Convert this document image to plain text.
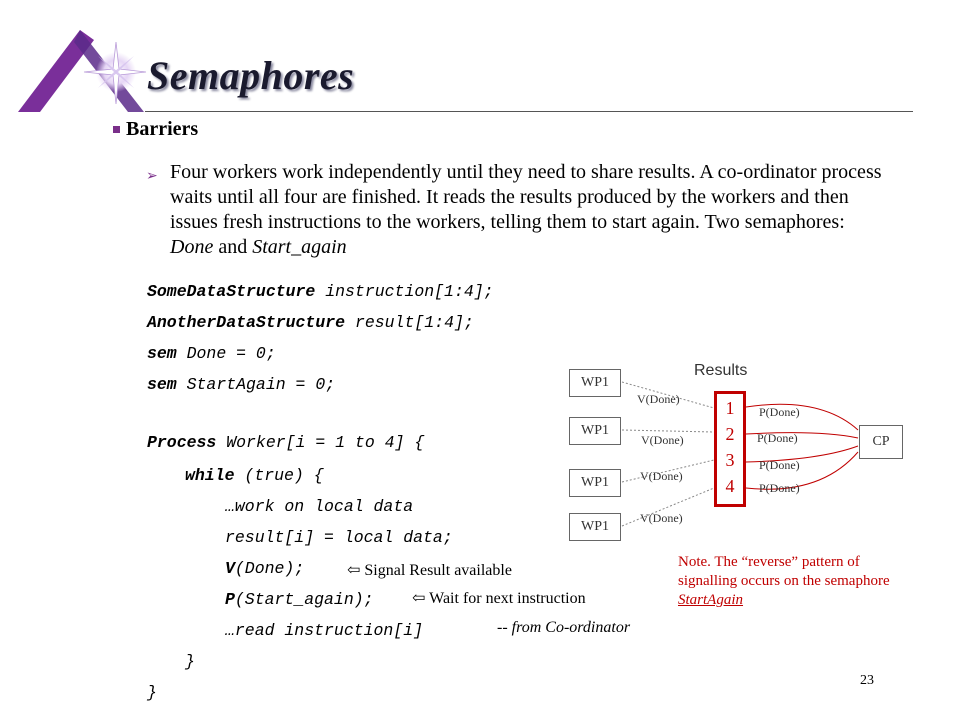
Semaphores
Barriers
➢ Four workers work independently until they need to share results. A co-ordinator process waits until all four are finished. It reads the results produced by the workers and then issues fresh instructions to the workers, telling them to start again. Two semaphores: Done and Start_again
SomeDataStructure instruction[1:4];
AnotherDataStructure result[1:4];
sem Done = 0;
sem StartAgain = 0;
Process Worker[i = 1 to 4] {
while (true) {
…work on local data
result[i] = local data;
V(Done);
P(Start_again);
…read instruction[i]
}
}
⇦ Signal Result available
⇦ Wait for next instruction
-- from Co-ordinator
Results
WP1
WP1
WP1
WP1
V(Done)
V(Done)
V(Done)
V(Done)
1
2
3
4
P(Done)
P(Done)
P(Done)
P(Done)
CP
Note. The “reverse” pattern of signalling occurs on the semaphore StartAgain
23
